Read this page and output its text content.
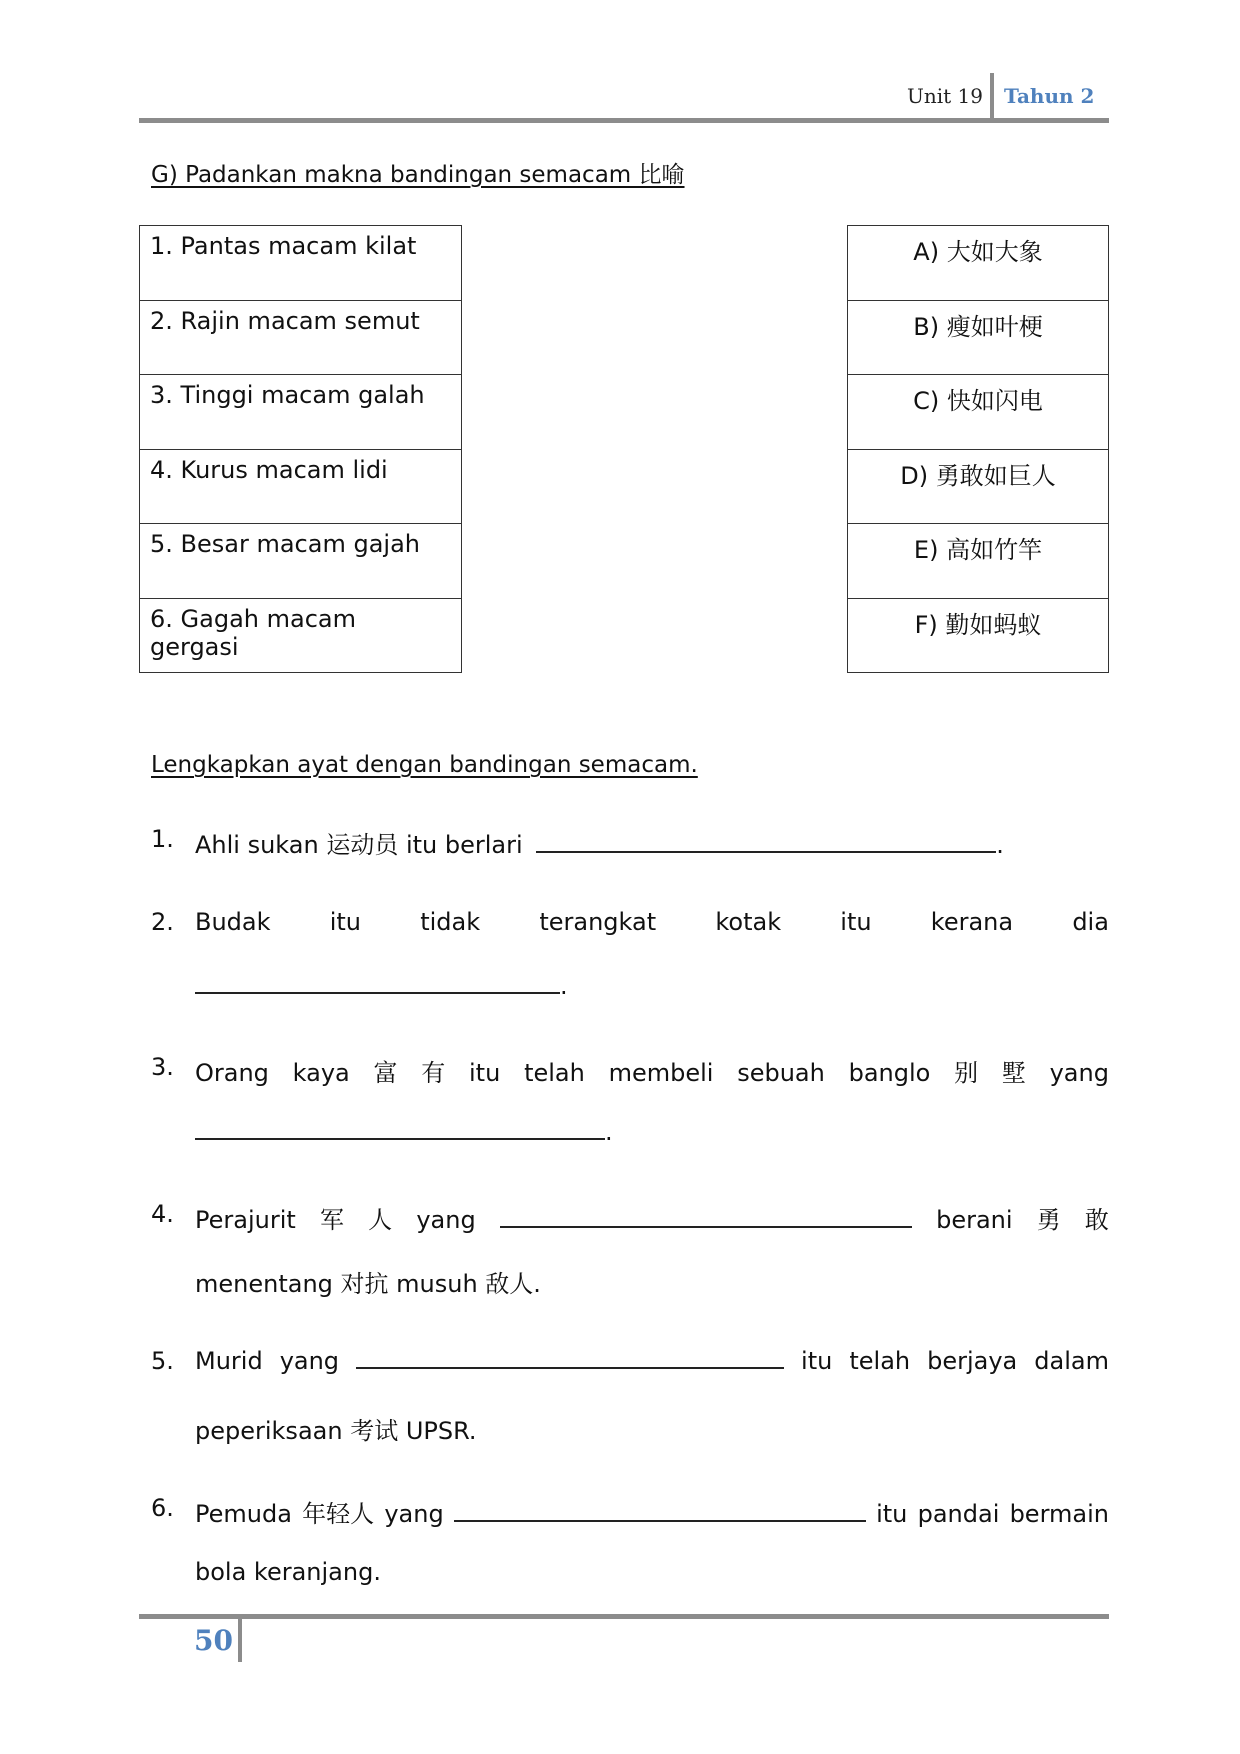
Unit 19 Tahun 2
G) Padankan makna bandingan semacam 比喻
1. Pantas macam kilat
2. Rajin macam semut
3. Tinggi macam galah
4. Kurus macam lidi
5. Besar macam gajah
6. Gagah macam gergasi
A) 大如大象
B) 瘦如叶梗
C) 快如闪电
D) 勇敢如巨人
E) 高如竹竿
F) 勤如蚂蚁
Lengkapkan ayat dengan bandingan semacam.
1. Ahli sukan 运动员 itu berlari	.
2. Budak itu tidak terangkat kotak itu kerana dia
.
3. Orang kaya 富 有 itu telah membeli sebuah banglo 别 墅 yang
.
4. Perajurit 军 人 yang	berani 勇 敢
menentang 对抗 musuh 敌人.
5. Murid yang	itu telah berjaya dalam
peperiksaan 考试 UPSR.
6. Pemuda 年轻人 yang	itu pandai bermain
bola keranjang.
50
